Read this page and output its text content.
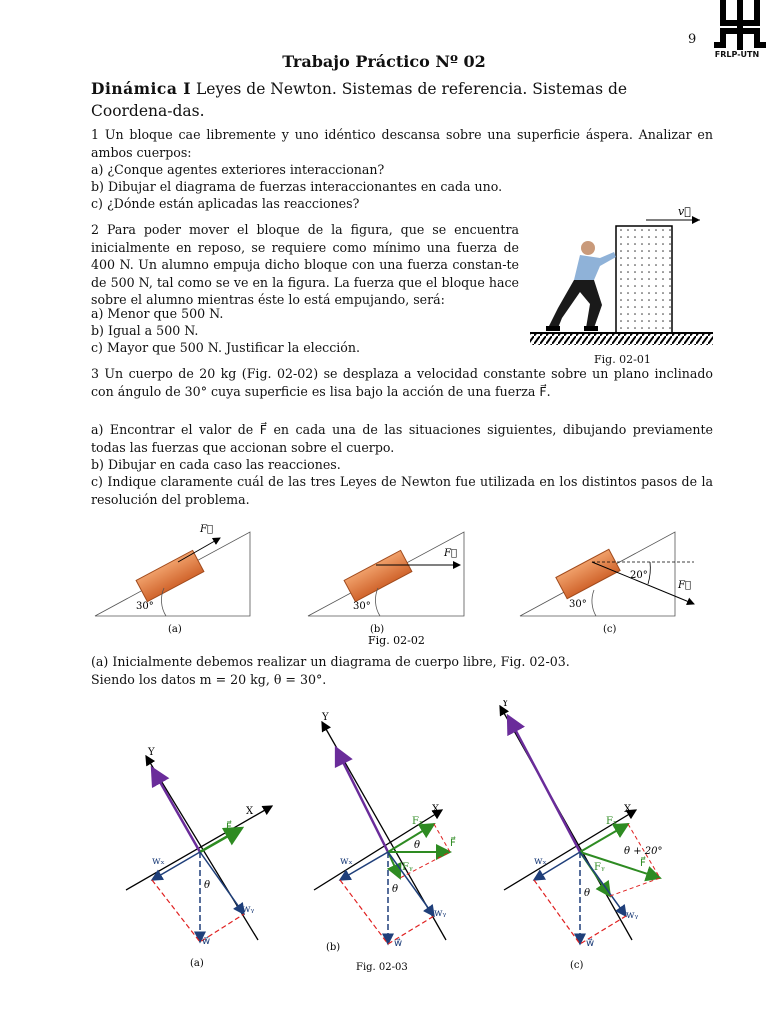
9
FRLP-UTN
Trabajo Práctico Nº 02
Dinámica I Leyes de Newton. Sistemas de referencia. Sistemas de Coordena-das.
1 Un bloque cae libremente y uno idéntico descansa sobre una superficie áspera. Analizar en ambos cuerpos:
a) ¿Conque agentes exteriores interaccionan?
b) Dibujar el diagrama de fuerzas interaccionantes en cada uno.
c) ¿Dónde están aplicadas las reacciones?
2 Para poder mover el bloque de la figura, que se encuentra inicialmente en reposo, se requiere como mínimo una fuerza de 400 N. Un alumno empuja dicho bloque con una fuerza constan-te de 500 N, tal como se ve en la figura. La fuerza que el bloque hace sobre el alumno mientras éste lo está empujando, será:
a) Menor que 500 N.
b) Igual a 500 N.
c) Mayor que 500 N. Justificar la elección.
v⃗
Fig. 02-01
3 Un cuerpo de 20 kg (Fig. 02-02) se desplaza a velocidad constante sobre un plano inclinado con ángulo de 30° cuya superficie es lisa bajo la acción de una fuerza F⃗.
a) Encontrar el valor de F⃗ en cada una de las situaciones siguientes, dibujando previamente todas las fuerzas que accionan sobre el cuerpo.
b) Dibujar en cada caso las reacciones.
c) Indique claramente cuál de las tres Leyes de Newton fue utilizada en los distintos pasos de la resolución del problema.
F⃗
30°
(a)
F⃗
30°
(b)
20°
F⃗
30°
(c)
Fig. 02-02
(a) Inicialmente debemos realizar un diagrama de cuerpo libre, Fig. 02-03.
Siendo los datos m = 20 kg, θ = 30°.
Y
X
n⃗
F⃗
wₓ
wᵧ
w⃗
θ
(a)
Y
X
n⃗
Fₓ
Fᵧ
F⃗
wₓ
wᵧ
w⃗
θ
θ
(b)
Fig. 02-03
Y
X
n⃗
Fₓ
Fᵧ	F⃗
wₓ
wᵧ
w⃗
θ + 20°
θ
(c)
